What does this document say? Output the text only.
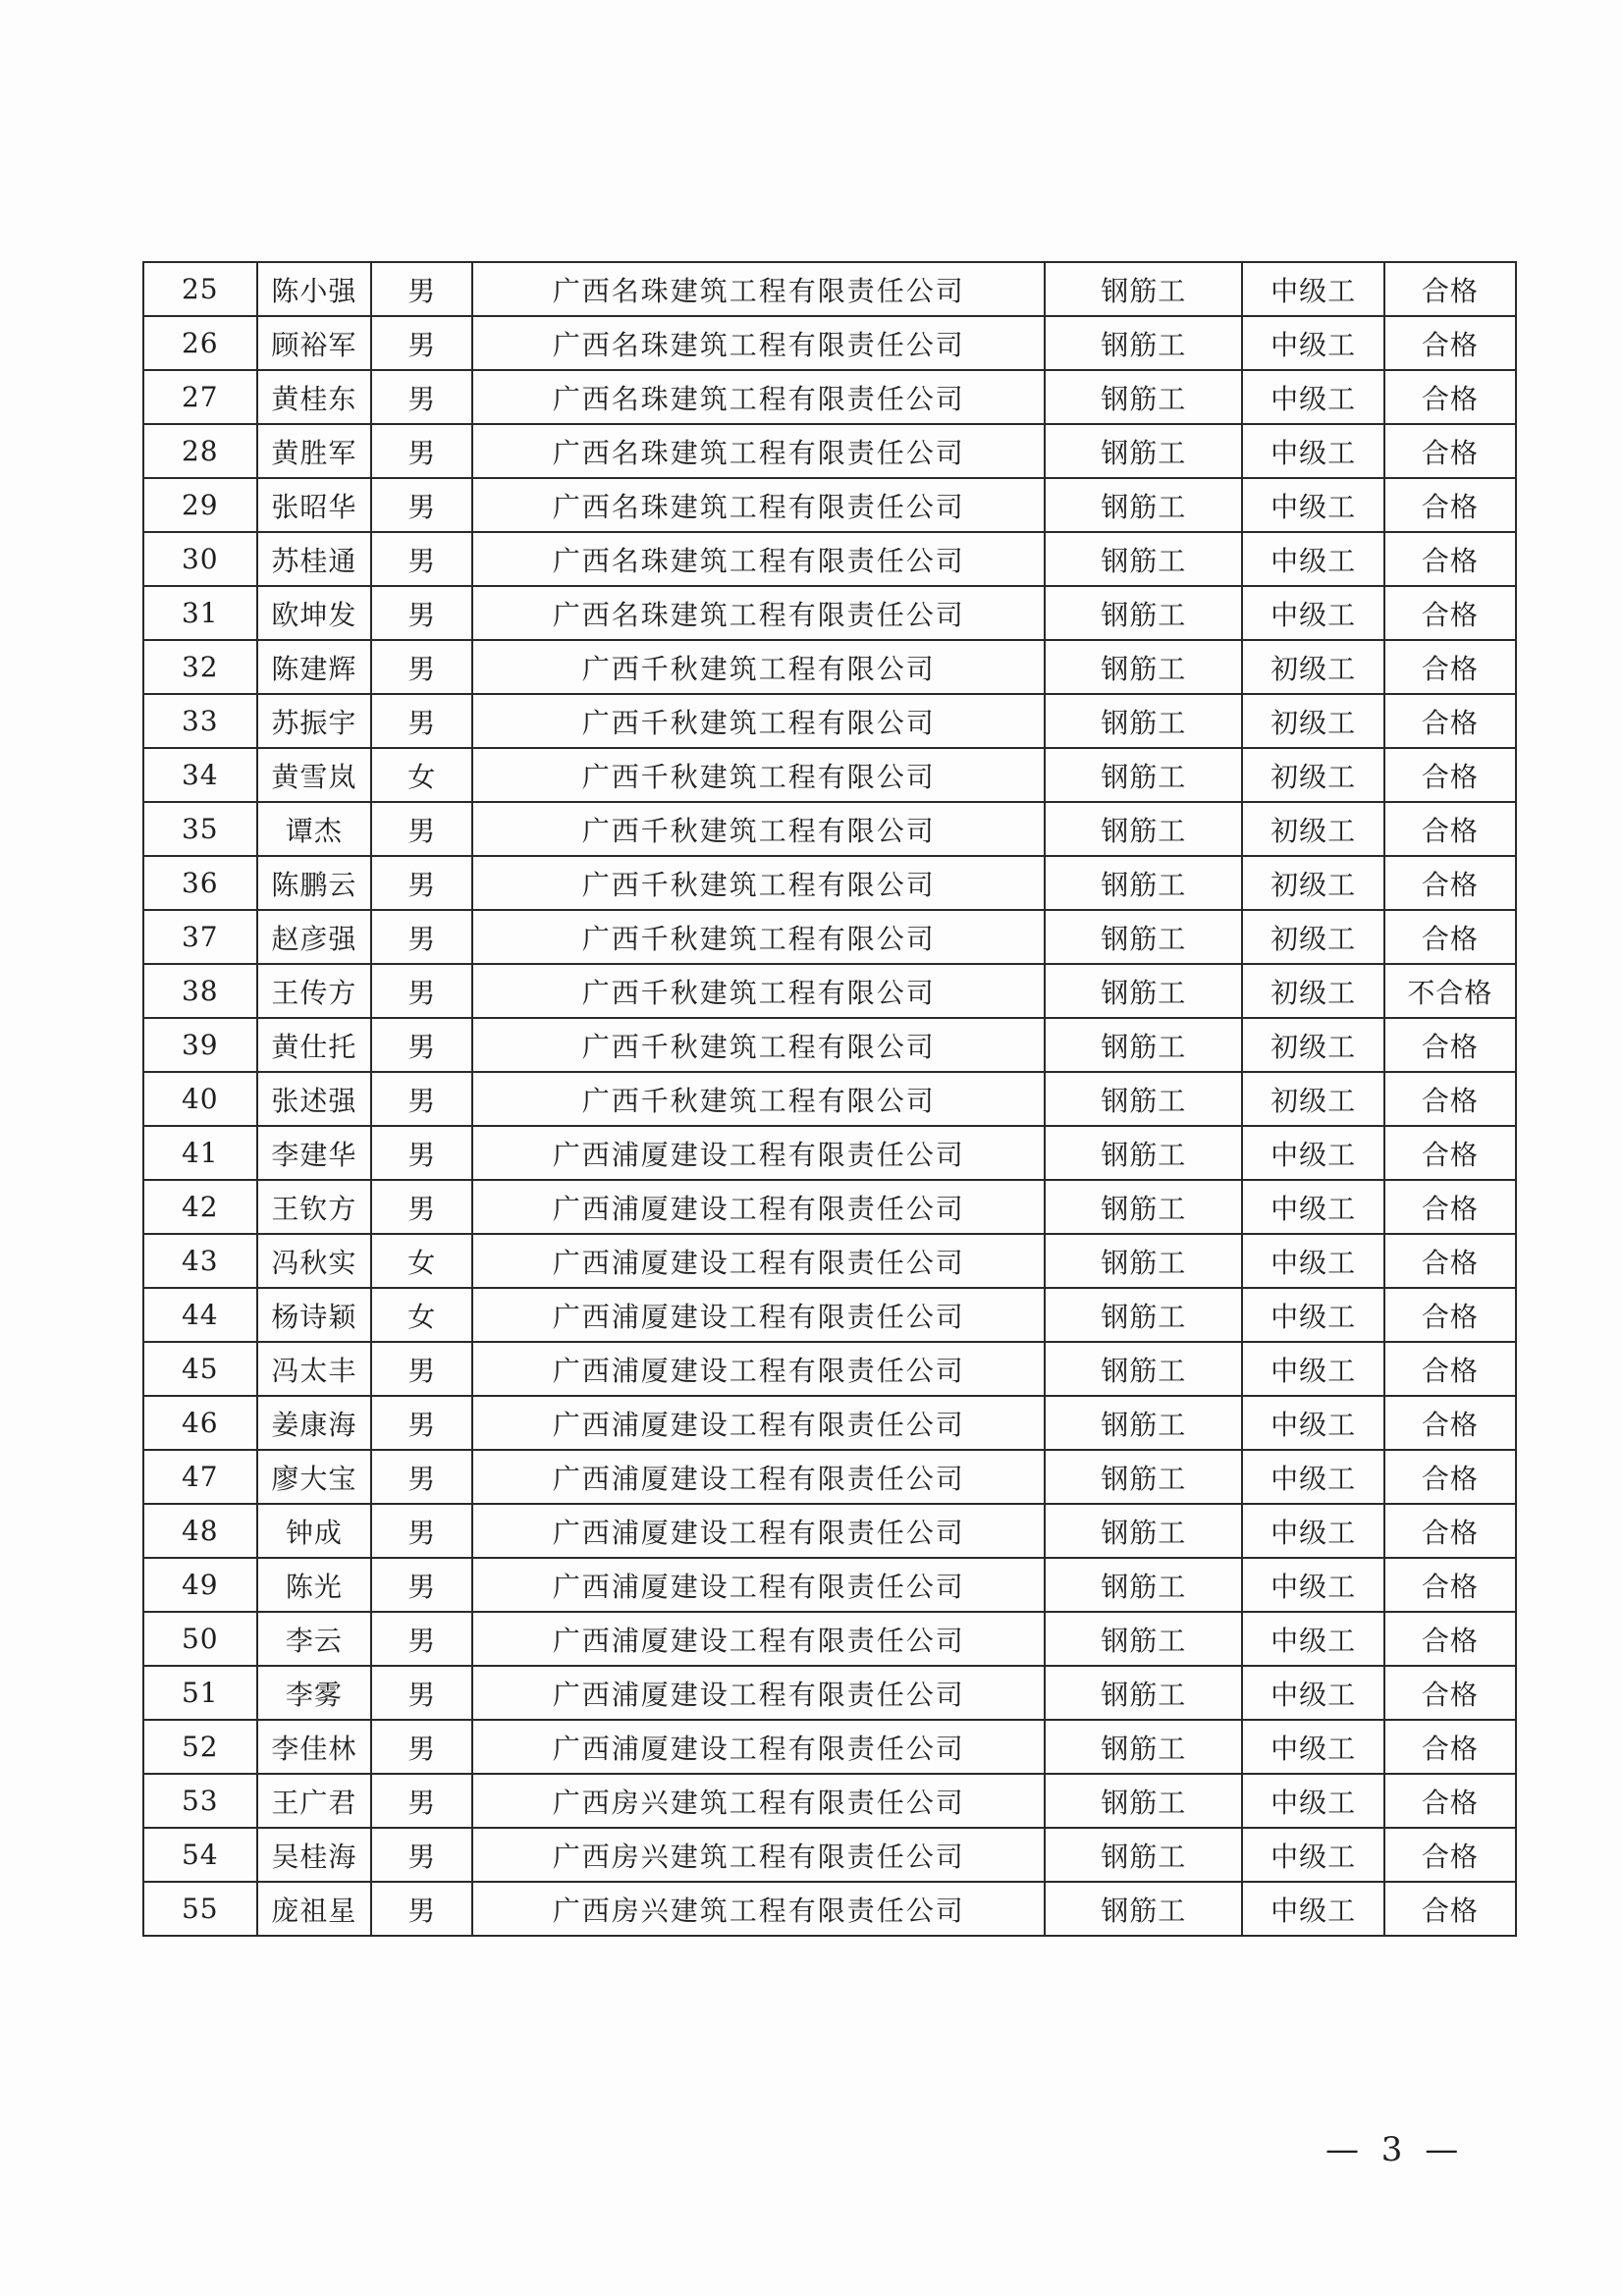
25	陈小强	男	广西名珠建筑工程有限责任公司	钢筋工	中级工	合格
26	顾裕军	男	广西名珠建筑工程有限责任公司	钢筋工	中级工	合格
27	黄桂东	男	广西名珠建筑工程有限责任公司	钢筋工	中级工	合格
28	黄胜军	男	广西名珠建筑工程有限责任公司	钢筋工	中级工	合格
29	张昭华	男	广西名珠建筑工程有限责任公司	钢筋工	中级工	合格
30	苏桂通	男	广西名珠建筑工程有限责任公司	钢筋工	中级工	合格
31	欧坤发	男	广西名珠建筑工程有限责任公司	钢筋工	中级工	合格
32	陈建辉	男	广西千秋建筑工程有限公司	钢筋工	初级工	合格
33	苏振宇	男	广西千秋建筑工程有限公司	钢筋工	初级工	合格
34	黄雪岚	女	广西千秋建筑工程有限公司	钢筋工	初级工	合格
35	谭杰	男	广西千秋建筑工程有限公司	钢筋工	初级工	合格
36	陈鹏云	男	广西千秋建筑工程有限公司	钢筋工	初级工	合格
37	赵彦强	男	广西千秋建筑工程有限公司	钢筋工	初级工	合格
38	王传方	男	广西千秋建筑工程有限公司	钢筋工	初级工	不合格
39	黄仕托	男	广西千秋建筑工程有限公司	钢筋工	初级工	合格
40	张述强	男	广西千秋建筑工程有限公司	钢筋工	初级工	合格
41	李建华	男	广西浦厦建设工程有限责任公司	钢筋工	中级工	合格
42	王钦方	男	广西浦厦建设工程有限责任公司	钢筋工	中级工	合格
43	冯秋实	女	广西浦厦建设工程有限责任公司	钢筋工	中级工	合格
44	杨诗颖	女	广西浦厦建设工程有限责任公司	钢筋工	中级工	合格
45	冯太丰	男	广西浦厦建设工程有限责任公司	钢筋工	中级工	合格
46	姜康海	男	广西浦厦建设工程有限责任公司	钢筋工	中级工	合格
47	廖大宝	男	广西浦厦建设工程有限责任公司	钢筋工	中级工	合格
48	钟成	男	广西浦厦建设工程有限责任公司	钢筋工	中级工	合格
49	陈光	男	广西浦厦建设工程有限责任公司	钢筋工	中级工	合格
50	李云	男	广西浦厦建设工程有限责任公司	钢筋工	中级工	合格
51	李雾	男	广西浦厦建设工程有限责任公司	钢筋工	中级工	合格
52	李佳林	男	广西浦厦建设工程有限责任公司	钢筋工	中级工	合格
53	王广君	男	广西房兴建筑工程有限责任公司	钢筋工	中级工	合格
54	吴桂海	男	广西房兴建筑工程有限责任公司	钢筋工	中级工	合格
55	庞祖星	男	广西房兴建筑工程有限责任公司	钢筋工	中级工	合格
— 3 —
